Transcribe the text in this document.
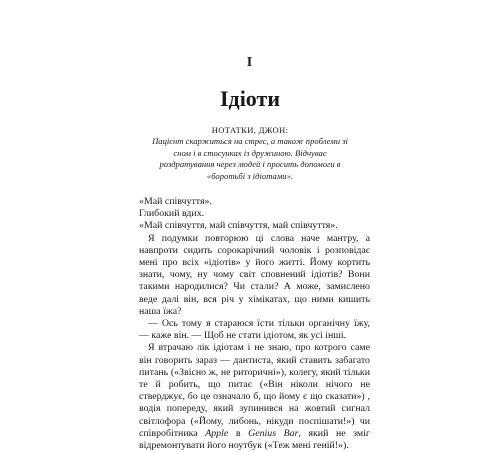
I
Ідіоти
НОТАТКИ, ДЖОН:
Пацієнт скаржиться на стрес, а також проблеми зі сном і в стосунках із дружиною. Відчуває роздратування через людей і просить допомоги в «боротьбі з ідіотами».

«Май співчуття».

Глибокий вдих.

«Май співчуття, май співчуття, май співчуття».

Я подумки повторюю ці слова наче мантру, а навпроти сидить сорокарічний чоловік і розповідає мені про всіх «ідіотів» у його житті. Йому кортить знати, чому, ну чому світ сповнений ідіотів? Вони такими народилися? Чи стали? А може, замислено веде далі він, вся річ у хімікатах, що ними кишить наша їжа?

— Ось тому я стараюся їсти тільки органічну їжу, — каже він. — Щоб не стати ідіотом, як усі інші.

Я втрачаю лік ідіотам і не знаю, про котрого саме він говорить зараз — дантиста, який ставить забагато питань («Звісно ж, не риторичні»), колегу, який тільки те й робить, що питає («Він ніколи нічого не стверджує, бо це означало б, що йому є що сказати») , водія попереду, який зупинився на жовтий сигнал світлофора («Йому, либонь, нікуди поспішати!») чи співробітника Apple в Genius Bar, який не зміг відремонтувати його ноутбук («Теж мені геній!»).
